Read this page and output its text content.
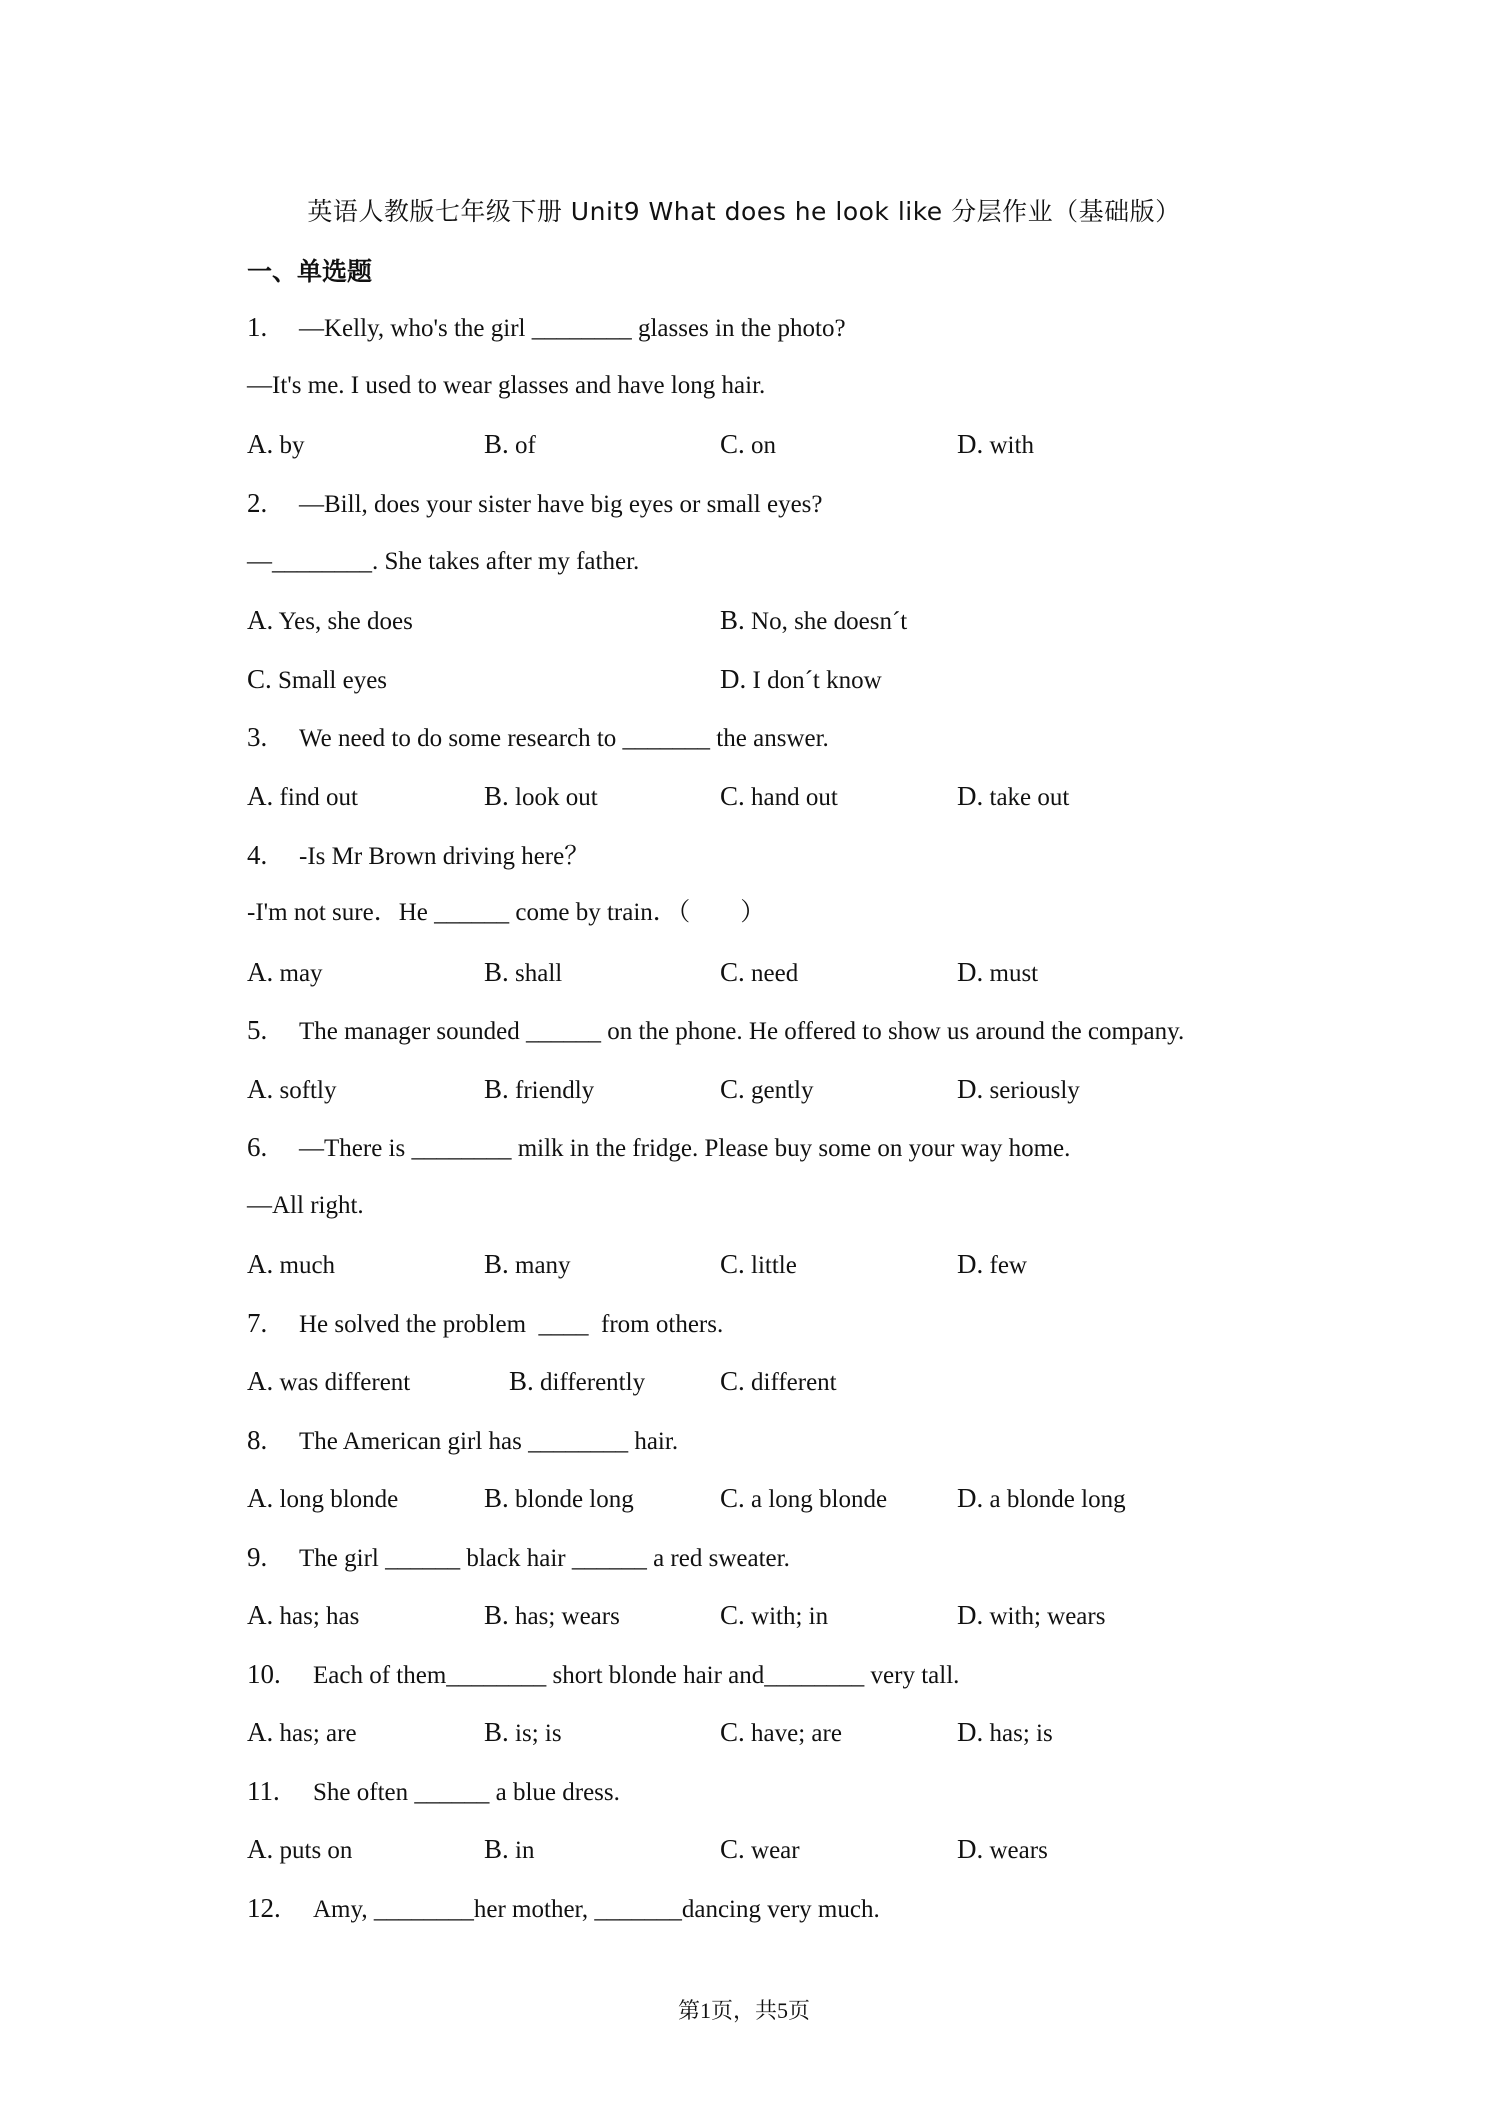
英语人教版七年级下册 Unit9 What does he look like 分层作业（基础版）
一、单选题
1. —Kelly, who's the girl ________ glasses in the photo?
—It's me. I used to wear glasses and have long hair.
A. by	B. of	C. on	D. with
2. —Bill, does your sister have big eyes or small eyes?
—________. She takes after my father.
A. Yes, she does	B. No, she doesnˊt
C. Small eyes	D. I donˊt know
3. We need to do some research to _______ the answer.
A. find out	B. look out	C. hand out	D. take out
4. -Is Mr Brown driving here？
-I'm not sure．He ______ come by train．（　　）
A. may	B. shall	C. need	D. must
5. The manager sounded ______ on the phone. He offered to show us around the company.
A. softly	B. friendly	C. gently	D. seriously
6. —There is ________ milk in the fridge. Please buy some on your way home.
—All right.
A. much	B. many	C. little	D. few
7. He solved the problem  ____  from others.
A. was different	B. differently	C. different
8. The American girl has ________ hair.
A. long blonde	B. blonde long	C. a long blonde	D. a blonde long
9. The girl ______ black hair ______ a red sweater.
A. has; has	B. has; wears	C. with; in	D. with; wears
10. Each of them________ short blonde hair and________ very tall.
A. has; are	B. is; is	C. have; are	D. has; is
11. She often ______ a blue dress.
A. puts on	B. in	C. wear	D. wears
12. Amy, ________her mother, _______dancing very much.
第1页，共5页
